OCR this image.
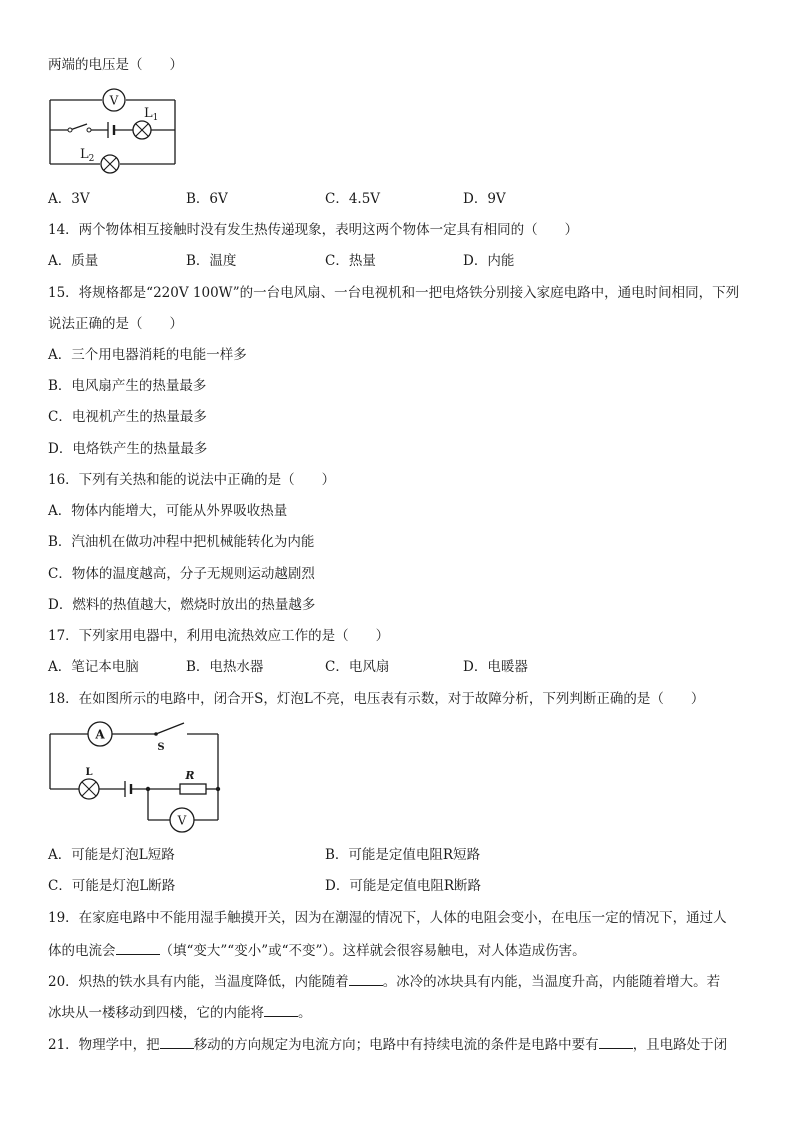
两端的电压是（　　）
V
$L_1$
$L_2$
A．3V	B．6V	C．4.5V	D．9V
14．两个物体相互接触时没有发生热传递现象，表明这两个物体一定具有相同的（　　）
A．质量	B．温度	C．热量	D．内能
15．将规格都是“220V 100W”的一台电风扇、一台电视机和一把电烙铁分别接入家庭电路中，通电时间相同，下列
说法正确的是（　　）
A．三个用电器消耗的电能一样多
B．电风扇产生的热量最多
C．电视机产生的热量最多
D．电烙铁产生的热量最多
16．下列有关热和能的说法中正确的是（　　）
A．物体内能增大，可能从外界吸收热量
B．汽油机在做功冲程中把机械能转化为内能
C．物体的温度越高，分子无规则运动越剧烈
D．燃料的热值越大，燃烧时放出的热量越多
17．下列家用电器中，利用电流热效应工作的是（　　）
A．笔记本电脑	B．电热水器	C．电风扇	D．电暖器
18．在如图所示的电路中，闭合开S，灯泡L不亮，电压表有示数，对于故障分析，下列判断正确的是（　　）
A
S
L	R
V
A．可能是灯泡L短路	B．可能是定值电阻R短路
C．可能是灯泡L断路	D．可能是定值电阻R断路
19．在家庭电路中不能用湿手触摸开关，因为在潮湿的情况下，人体的电阻会变小，在电压一定的情况下，通过人
体的电流会	（填“变大”“变小”或“不变”）。这样就会很容易触电，对人体造成伤害。
20．炽热的铁水具有内能，当温度降低，内能随着	。冰冷的冰块具有内能，当温度升高，内能随着增大。若
冰块从一楼移动到四楼，它的内能将	。
21．物理学中，把	移动的方向规定为电流方向；电路中有持续电流的条件是电路中要有	，且电路处于闭
